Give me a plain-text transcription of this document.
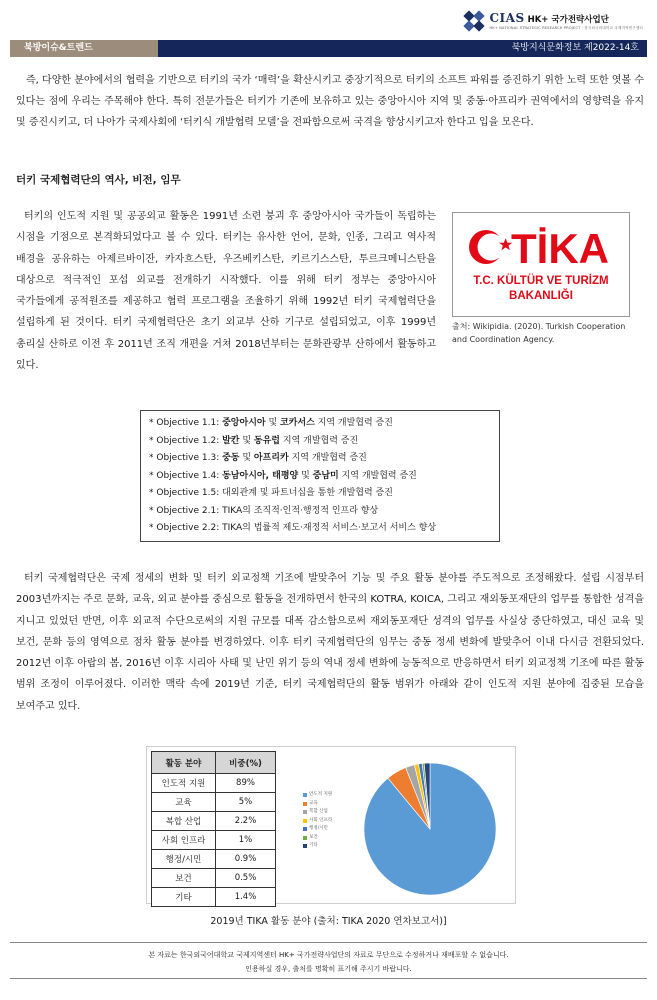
CIAS HK+ 국가전략사업단
HK+ NATIONAL STRATEGIC RESEARCH PROJECT · 한국외국어대학교 국제지역연구센터
북방이슈&트렌드	북방지식문화정보 제2022-14호

즉, 다양한 분야에서의 협력을 기반으로 터키의 국가 ‘매력’을 확산시키고 중장기적으로 터키의 소프트 파워를 증진하기 위한 노력 또한 엿볼 수 있다는 점에 우리는 주목해야 한다. 특히 전문가들은 터키가 기존에 보유하고 있는 중앙아시아 지역 및 중동·아프리카 권역에서의 영향력을 유지 및 증진시키고, 더 나아가 국제사회에 ‘터키식 개발협력 모델’을 전파함으로써 국격을 향상시키고자 한다고 입을 모은다.

터키 국제협력단의 역사, 비전, 임무

터키의 인도적 지원 및 공공외교 활동은 1991년 소련 붕괴 후 중앙아시아 국가들이 독립하는 시점을 기점으로 본격화되었다고 볼 수 있다. 터키는 유사한 언어, 문화, 인종, 그리고 역사적 배경을 공유하는 아제르바이잔, 카자흐스탄, 우즈베키스탄, 키르기스스탄, 투르크메니스탄을 대상으로 적극적인 포섭 외교를 전개하기 시작했다. 이를 위해 터키 정부는 중앙아시아 국가들에게 공적원조를 제공하고 협력 프로그램을 조율하기 위해 1992년 터키 국제협력단을 설립하게 된 것이다. 터키 국제협력단은 초기 외교부 산하 기구로 설립되었고, 이후 1999년 총리실 산하로 이전 후 2011년 조직 개편을 거쳐 2018년부터는 문화관광부 산하에서 활동하고 있다.

TİKA
T.C. KÜLTÜR VE TURİZM
BAKANLIĞI

출처: Wikipidia. (2020). Turkish Cooperation and Coordination Agency.

* Objective 1.1: 중앙아시아 및 코카서스 지역 개발협력 증진
* Objective 1.2: 발칸 및 동유럽 지역 개발협력 증진
* Objective 1.3: 중동 및 아프리카 지역 개발협력 증진
* Objective 1.4: 동남아시아, 태평양 및 중남미 지역 개발협력 증진
* Objective 1.5: 대외관계 및 파트너십을 통한 개발협력 증진
* Objective 2.1: TIKA의 조직적·인적·행정적 인프라 향상
* Objective 2.2: TIKA의 법률적 제도·재정적 서비스·보고서 서비스 향상

터키 국제협력단은 국제 정세의 변화 및 터키 외교정책 기조에 발맞추어 기능 및 주요 활동 분야를 주도적으로 조정해왔다. 설립 시점부터 2003년까지는 주로 문화, 교육, 외교 분야를 중심으로 활동을 전개하면서 한국의 KOTRA, KOICA, 그리고 재외동포재단의 업무를 통합한 성격을 지니고 있었던 반면, 이후 외교적 수단으로써의 지원 규모를 대폭 감소함으로써 재외동포재단 성격의 업무를 사실상 중단하였고, 대신 교육 및 보건, 문화 등의 영역으로 점차 활동 분야를 변경하였다. 이후 터키 국제협력단의 임무는 중동 정세 변화에 발맞추어 이내 다시금 전환되었다. 2012년 이후 아랍의 봄, 2016년 이후 시리아 사태 및 난민 위기 등의 역내 정세 변화에 능동적으로 반응하면서 터키 외교정책 기조에 따른 활동 범위 조정이 이루어졌다. 이러한 맥락 속에 2019년 기준, 터키 국제협력단의 활동 범위가 아래와 같이 인도적 지원 분야에 집중된 모습을 보여주고 있다.

활동 분야	비중(%)
인도적 지원	89%
교육	5%
복합 산업	2.2%
사회 인프라	1%
행정/시민	0.9%
보건	0.5%
기타	1.4%
인도적 지원
교육
복합 산업
사회 인프라
행정/시민
보건
기타

2019년 TIKA 활동 분야 (출처: TIKA 2020 연차보고서)]

본 자료는 한국외국어대학교 국제지역센터 HK+ 국가전략사업단의 자료로 무단으로 수정하거나 재배포할 수 없습니다.
인용하실 경우, 출처를 명확히 표기해 주시기 바랍니다.
